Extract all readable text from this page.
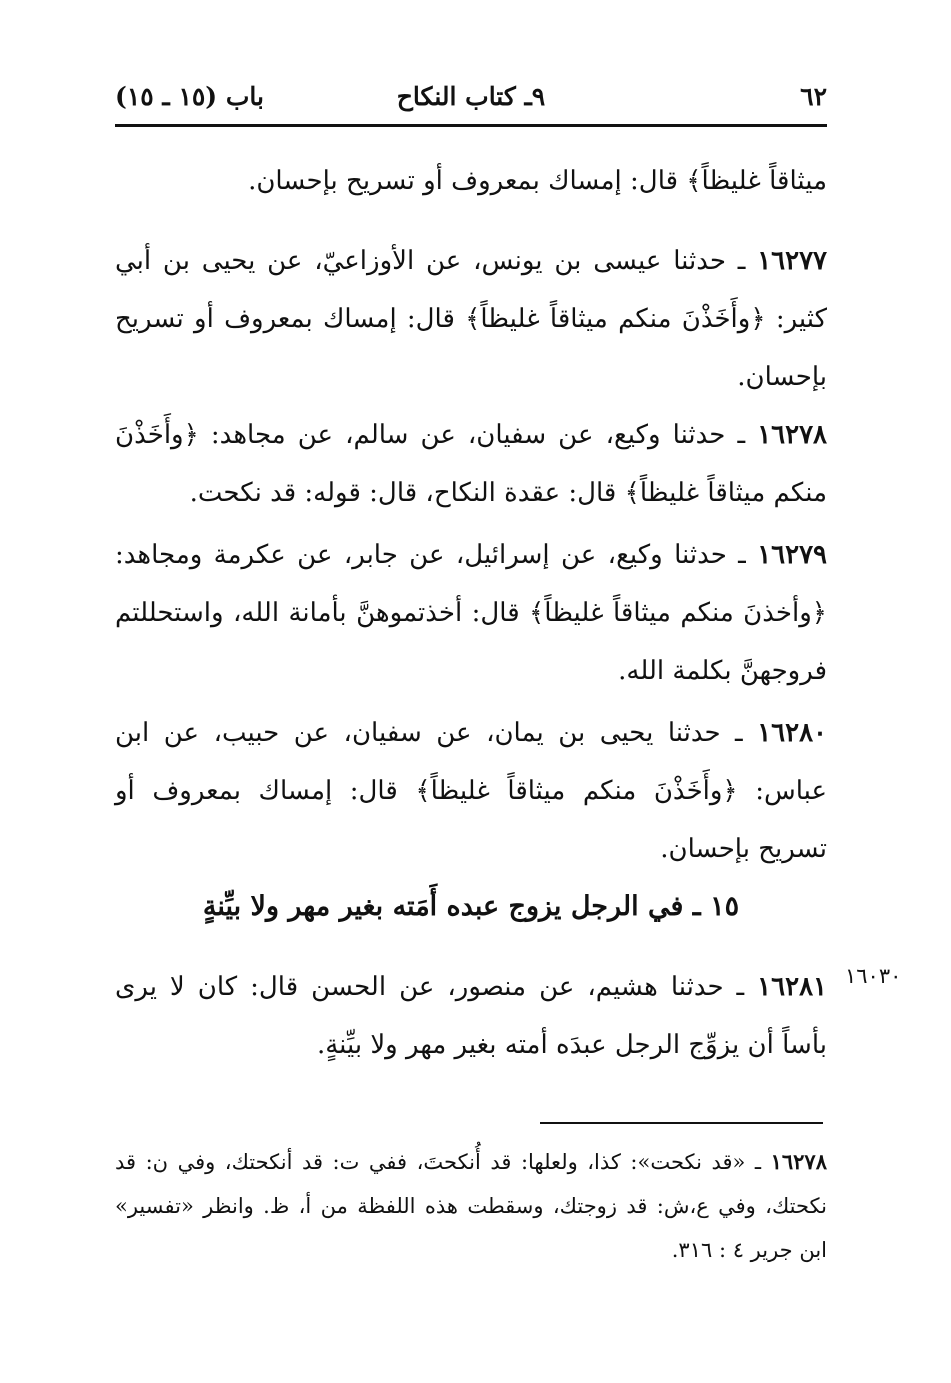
٦٢
٩ـ كتاب النكاح
باب (١٥ ـ ١٥)
ميثاقاً غليظاً﴾ قال: إمساك بمعروف أو تسريح بإحسان.
١٦٢٧٧ ـ حدثنا عيسى بن يونس، عن الأوزاعيّ، عن يحيى بن أبي كثير: ﴿وأَخَذْنَ منكم ميثاقاً غليظاً﴾ قال: إمساك بمعروف أو تسريح بإحسان.
١٦٢٧٨ ـ حدثنا وكيع، عن سفيان، عن سالم، عن مجاهد: ﴿وأَخَذْنَ منكم ميثاقاً غليظاً﴾ قال: عقدة النكاح، قال: قوله: قد نكحت.
١٦٢٧٩ ـ حدثنا وكيع، عن إسرائيل، عن جابر، عن عكرمة ومجاهد: ﴿وأخذنَ منكم ميثاقاً غليظاً﴾ قال: أخذتموهنَّ بأمانة الله، واستحللتم فروجهنَّ بكلمة الله.
١٦٢٨٠ ـ حدثنا يحيى بن يمان، عن سفيان، عن حبيب، عن ابن عباس: ﴿وأَخَذْنَ منكم ميثاقاً غليظاً﴾ قال: إمساك بمعروف أو تسريح بإحسان.
١٥ ـ في الرجل يزوج عبده أَمَته بغير مهر ولا بيِّنةٍ
١٦٢٨١ ـ حدثنا هشيم، عن منصور، عن الحسن قال: كان لا يرى بأساً أن يزوِّج الرجل عبدَه أمته بغير مهر ولا بيِّنةٍ.
١٦٠٣٠
١٦٢٧٨ ـ «قد نكحت»: كذا، ولعلها: قد أُنكحتَ، ففي ت: قد أنكحتك، وفي ن: قد نكحتك، وفي ع،ش: قد زوجتك، وسقطت هذه اللفظة من أ، ظ. وانظر «تفسير» ابن جرير ٤ : ٣١٦.
